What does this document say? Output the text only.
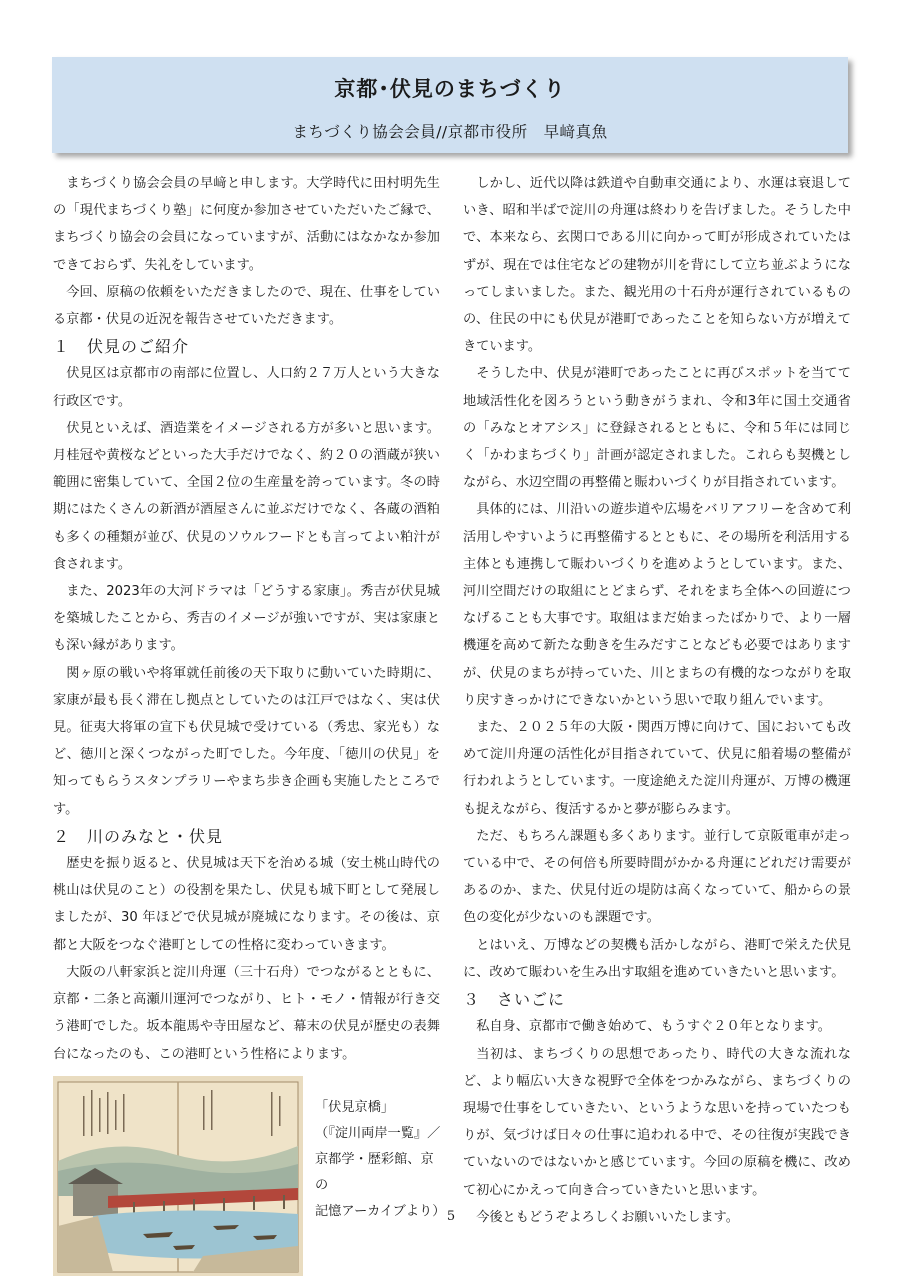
京都･伏見のまちづくり
まちづくり協会会員//京都市役所　早﨑真魚

まちづくり協会会員の早﨑と申します。大学時代に田村明先生の「現代まちづくり塾」に何度か参加させていただいたご縁で、まちづくり協会の会員になっていますが、活動にはなかなか参加できておらず、失礼をしています。

今回、原稿の依頼をいただきましたので、現在、仕事をしている京都・伏見の近況を報告させていただきます。

１　伏見のご紹介

伏見区は京都市の南部に位置し、人口約２７万人という大きな行政区です。

伏見といえば、酒造業をイメージされる方が多いと思います。月桂冠や黄桜などといった大手だけでなく、約２０の酒蔵が狭い範囲に密集していて、全国２位の生産量を誇っています。冬の時期にはたくさんの新酒が酒屋さんに並ぶだけでなく、各蔵の酒粕も多くの種類が並び、伏見のソウルフードとも言ってよい粕汁が食されます。

また、2023年の大河ドラマは「どうする家康」。秀吉が伏見城を築城したことから、秀吉のイメージが強いですが、実は家康とも深い縁があります。

関ヶ原の戦いや将軍就任前後の天下取りに動いていた時期に、家康が最も長く滞在し拠点としていたのは江戸ではなく、実は伏見。征夷大将軍の宣下も伏見城で受けている（秀忠、家光も）など、徳川と深くつながった町でした。今年度、「徳川の伏見」を知ってもらうスタンプラリーやまち歩き企画も実施したところです。

２　川のみなと・伏見

歴史を振り返ると、伏見城は天下を治める城（安土桃山時代の桃山は伏見のこと）の役割を果たし、伏見も城下町として発展しましたが、30 年ほどで伏見城が廃城になります。その後は、京都と大阪をつなぐ港町としての性格に変わっていきます。

大阪の八軒家浜と淀川舟運（三十石舟）でつながるとともに、京都・二条と高瀬川運河でつながり、ヒト・モノ・情報が行き交う港町でした。坂本龍馬や寺田屋など、幕末の伏見が歴史の表舞台になったのも、この港町という性格によります。

「伏見京橋」
（『淀川両岸一覧』／
京都学・歴彩館、京の
記憶アーカイブより）

しかし、近代以降は鉄道や自動車交通により、水運は衰退していき、昭和半ばで淀川の舟運は終わりを告げました。そうした中で、本来なら、玄関口である川に向かって町が形成されていたはずが、現在では住宅などの建物が川を背にして立ち並ぶようになってしまいました。また、観光用の十石舟が運行されているものの、住民の中にも伏見が港町であったことを知らない方が増えてきています。

そうした中、伏見が港町であったことに再びスポットを当てて地域活性化を図ろうという動きがうまれ、令和3年に国土交通省の「みなとオアシス」に登録されるとともに、令和５年には同じく「かわまちづくり」計画が認定されました。これらも契機としながら、水辺空間の再整備と賑わいづくりが目指されています。

具体的には、川沿いの遊歩道や広場をバリアフリーを含めて利活用しやすいように再整備するとともに、その場所を利活用する主体とも連携して賑わいづくりを進めようとしています。また、河川空間だけの取組にとどまらず、それをまち全体への回遊につなげることも大事です。取組はまだ始まったばかりで、より一層機運を高めて新たな動きを生みだすことなども必要ではありますが、伏見のまちが持っていた、川とまちの有機的なつながりを取り戻すきっかけにできないかという思いで取り組んでいます。

また、２０２５年の大阪・関西万博に向けて、国においても改めて淀川舟運の活性化が目指されていて、伏見に船着場の整備が行われようとしています。一度途絶えた淀川舟運が、万博の機運も捉えながら、復活するかと夢が膨らみます。

ただ、もちろん課題も多くあります。並行して京阪電車が走っている中で、その何倍も所要時間がかかる舟運にどれだけ需要があるのか、また、伏見付近の堤防は高くなっていて、船からの景色の変化が少ないのも課題です。

とはいえ、万博などの契機も活かしながら、港町で栄えた伏見に、改めて賑わいを生み出す取組を進めていきたいと思います。

３　さいごに

私自身、京都市で働き始めて、もうすぐ２０年となります。

当初は、まちづくりの思想であったり、時代の大きな流れなど、より幅広い大きな視野で全体をつかみながら、まちづくりの現場で仕事をしていきたい、というような思いを持っていたつもりが、気づけば日々の仕事に追われる中で、その往復が実践できていないのではないかと感じています。今回の原稿を機に、改めて初心にかえって向き合っていきたいと思います。

今後ともどうぞよろしくお願いいたします。

5
